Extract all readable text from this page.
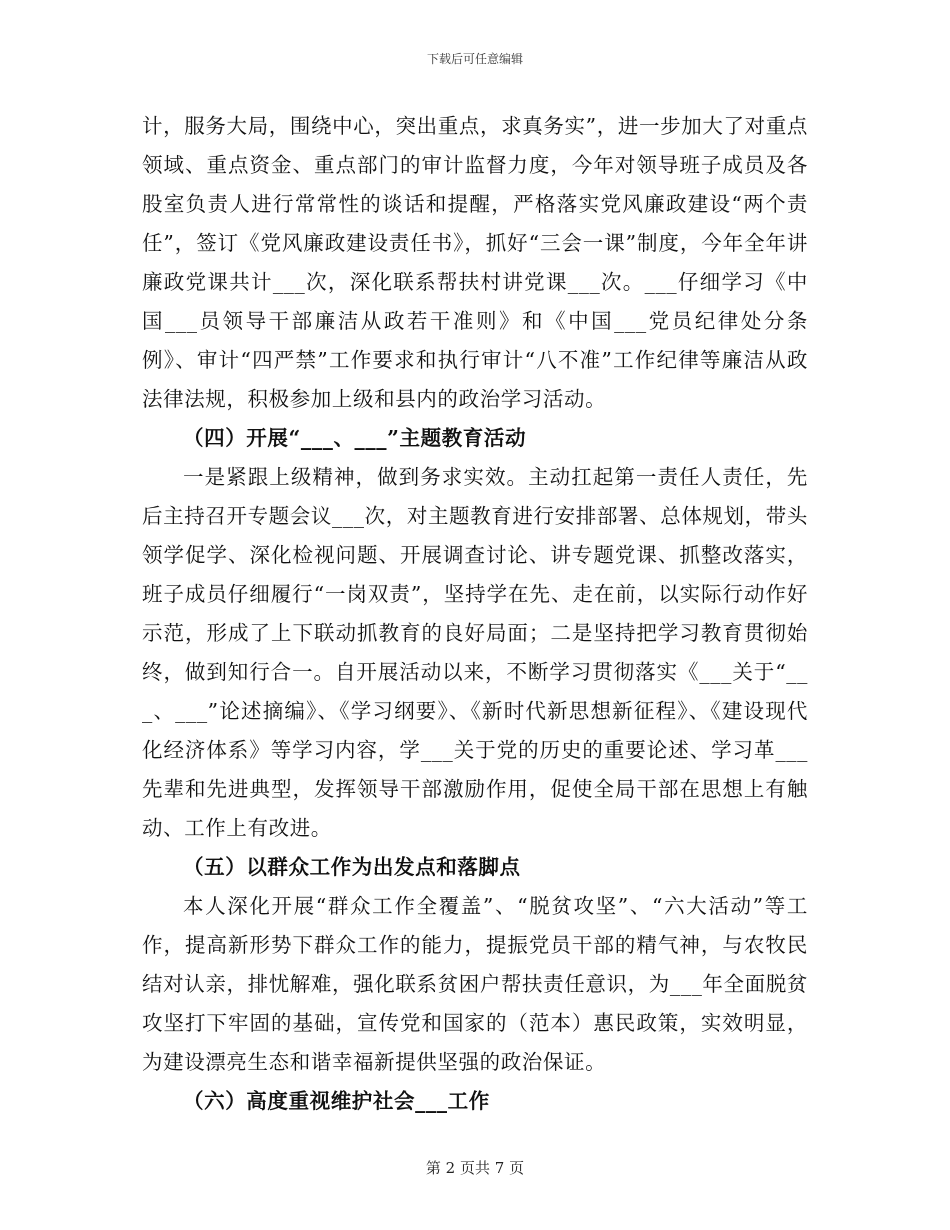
下载后可任意编辑

计，服务大局，围绕中心，突出重点，求真务实”，进一步加大了对重点领域、重点资金、重点部门的审计监督力度，今年对领导班子成员及各股室负责人进行常常性的谈话和提醒，严格落实党风廉政建设“两个责任”，签订《党风廉政建设责任书》，抓好“三会一课”制度，今年全年讲廉政党课共计___次，深化联系帮扶村讲党课___次。___仔细学习《中国___员领导干部廉洁从政若干准则》和《中国___党员纪律处分条例》、审计“四严禁”工作要求和执行审计“八不准”工作纪律等廉洁从政法律法规，积极参加上级和县内的政治学习活动。

（四）开展“___、___”主题教育活动

一是紧跟上级精神，做到务求实效。主动扛起第一责任人责任，先后主持召开专题会议___次，对主题教育进行安排部署、总体规划，带头领学促学、深化检视问题、开展调查讨论、讲专题党课、抓整改落实，班子成员仔细履行“一岗双责”，坚持学在先、走在前，以实际行动作好示范，形成了上下联动抓教育的良好局面；二是坚持把学习教育贯彻始终，做到知行合一。自开展活动以来，不断学习贯彻落实《___关于“___、___”论述摘编》、《学习纲要》、《新时代新思想新征程》、《建设现代化经济体系》等学习内容，学___关于党的历史的重要论述、学习革___先辈和先进典型，发挥领导干部激励作用，促使全局干部在思想上有触动、工作上有改进。

（五）以群众工作为出发点和落脚点

本人深化开展“群众工作全覆盖”、“脱贫攻坚”、“六大活动”等工作，提高新形势下群众工作的能力，提振党员干部的精气神，与农牧民结对认亲，排忧解难，强化联系贫困户帮扶责任意识，为___年全面脱贫攻坚打下牢固的基础，宣传党和国家的（范本）惠民政策，实效明显，为建设漂亮生态和谐幸福新提供坚强的政治保证。

（六）高度重视维护社会___工作

第 2 页共 7 页
